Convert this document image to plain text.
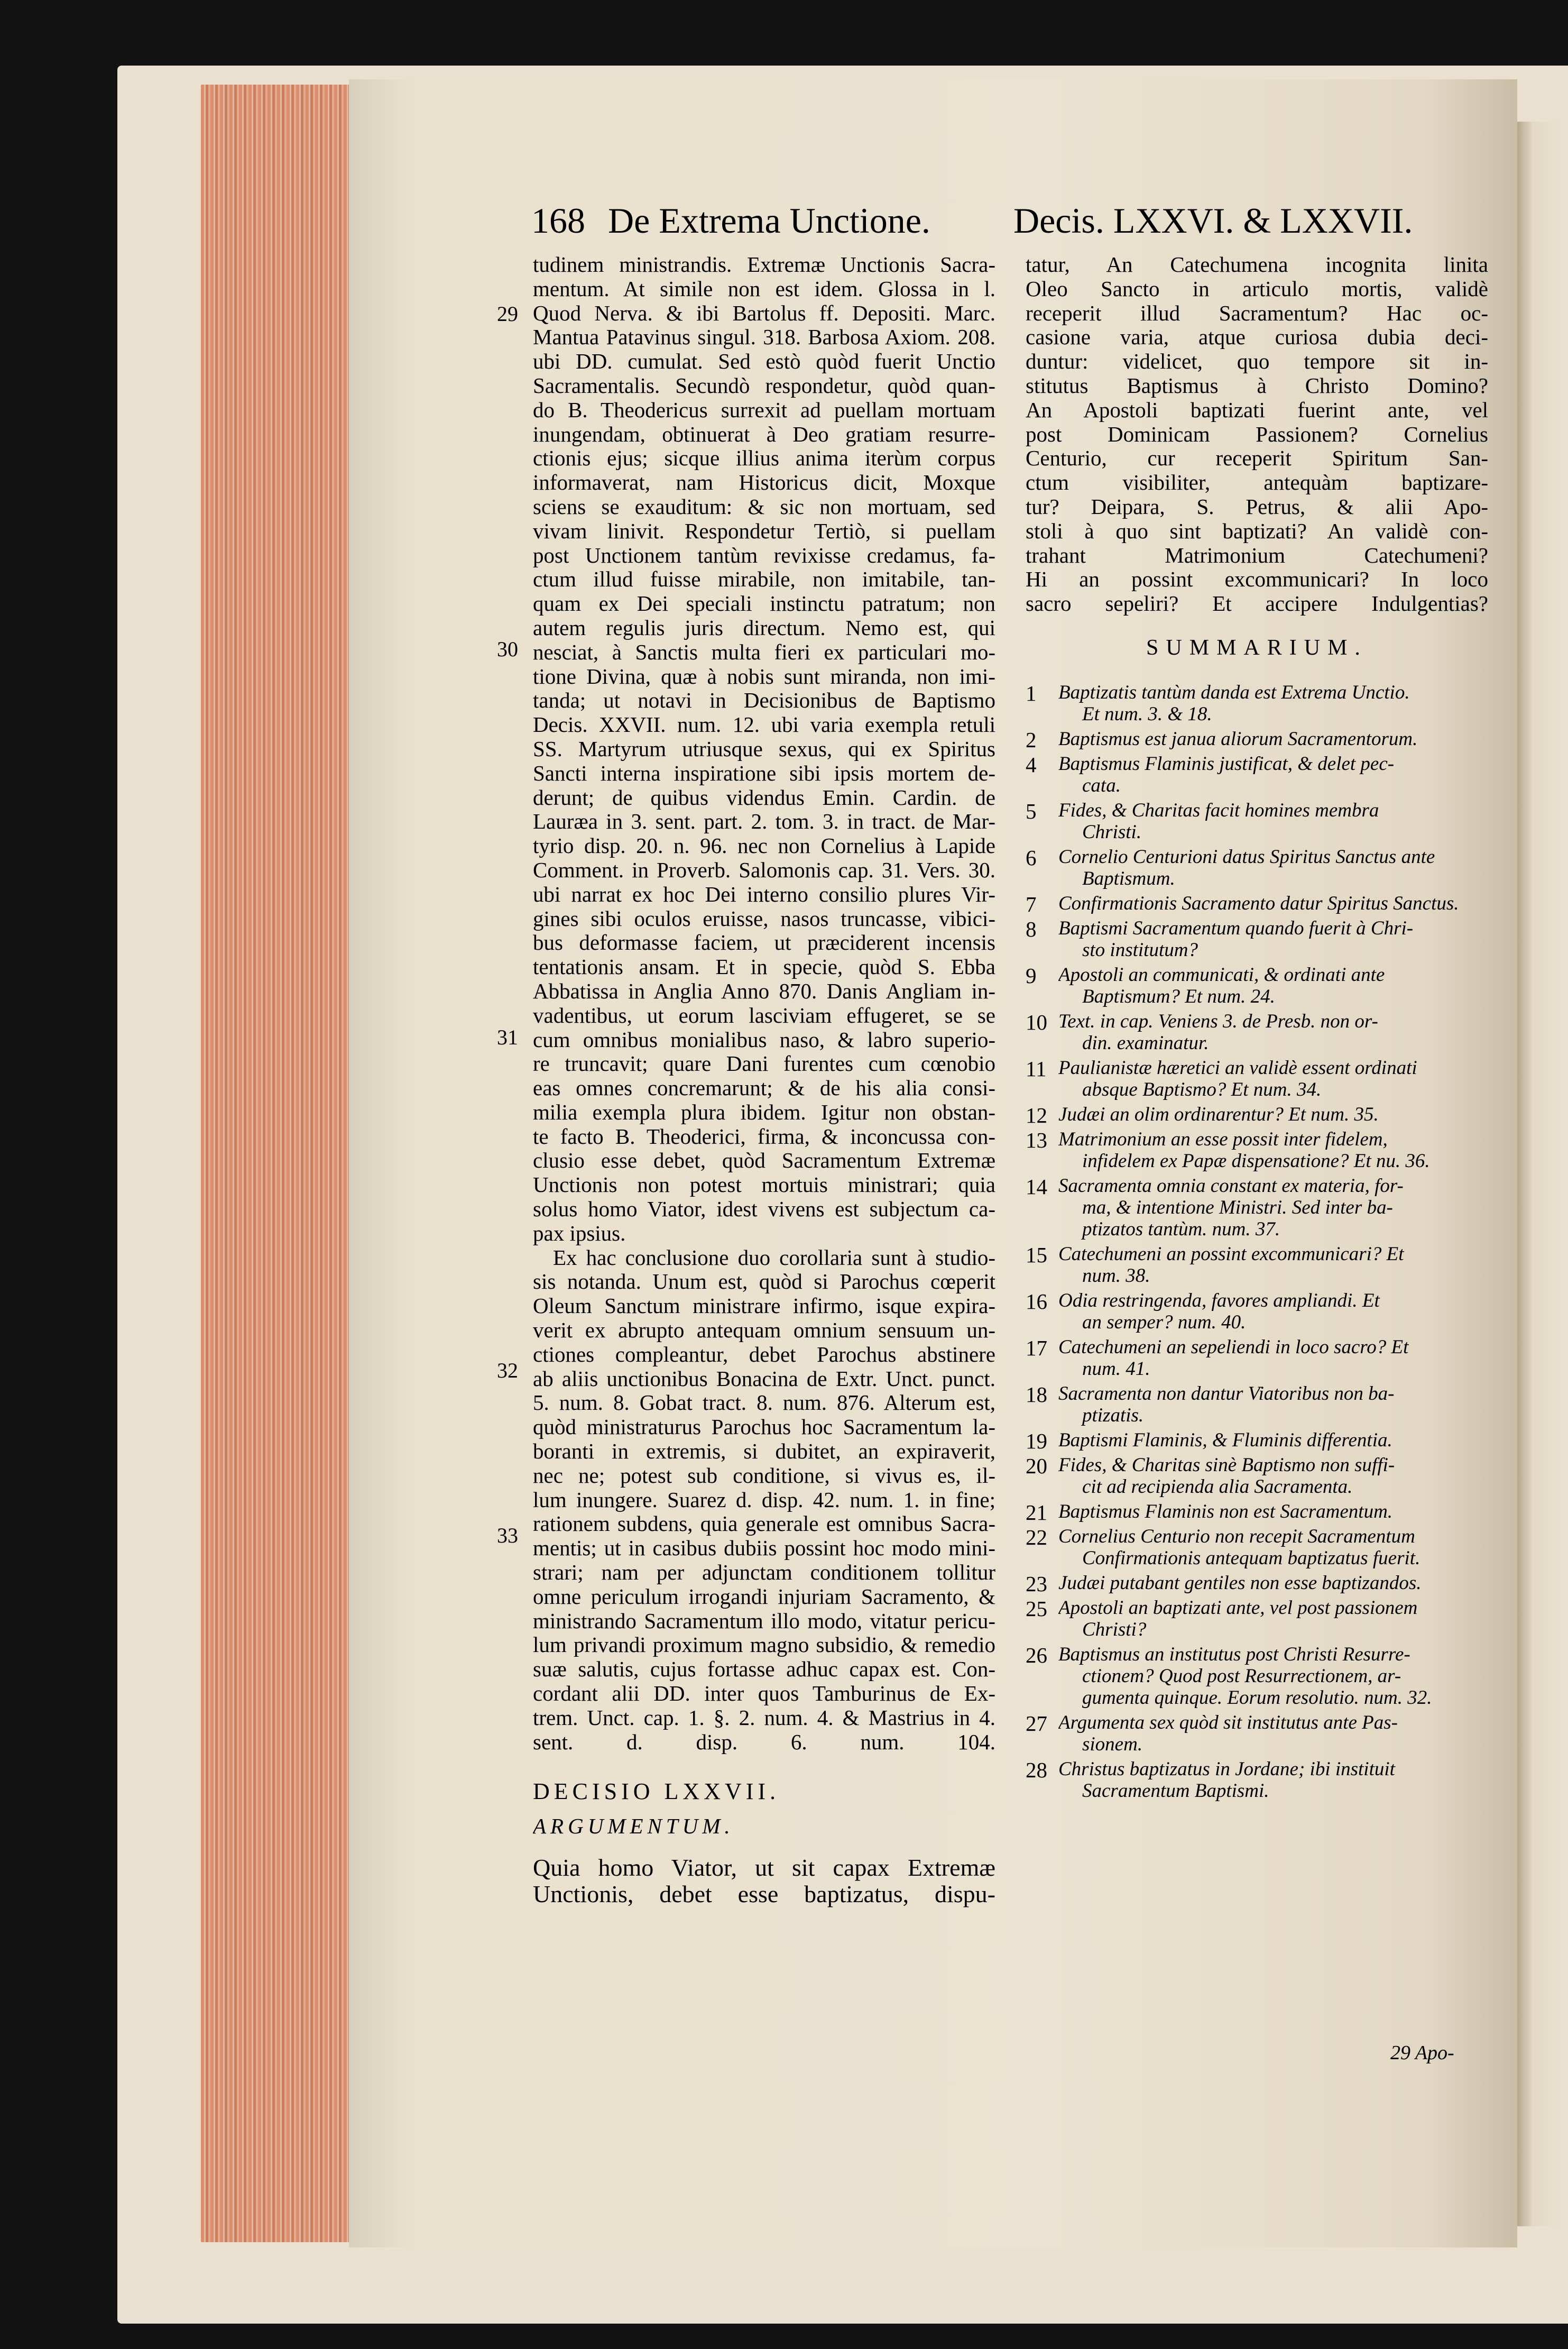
168 De Extrema Unctione. Decis. LXXVI. & LXXVII.
29
30
31
32
33
tudinem ministrandis. Extremæ Unctionis Sacra-
mentum. At simile non est idem. Glossa in l.
Quod Nerva. & ibi Bartolus ff. Depositi. Marc.
Mantua Patavinus singul. 318. Barbosa Axiom. 208.
ubi DD. cumulat. Sed estò quòd fuerit Unctio
Sacramentalis. Secundò respondetur, quòd quan-
do B. Theodericus surrexit ad puellam mortuam
inungendam, obtinuerat à Deo gratiam resurre-
ctionis ejus; sicque illius anima iterùm corpus
informaverat, nam Historicus dicit, Moxque
sciens se exauditum: & sic non mortuam, sed
vivam linivit. Respondetur Tertiò, si puellam
post Unctionem tantùm revixisse credamus, fa-
ctum illud fuisse mirabile, non imitabile, tan-
quam ex Dei speciali instinctu patratum; non
autem regulis juris directum. Nemo est, qui
nesciat, à Sanctis multa fieri ex particulari mo-
tione Divina, quæ à nobis sunt miranda, non imi-
tanda; ut notavi in Decisionibus de Baptismo
Decis. XXVII. num. 12. ubi varia exempla retuli
SS. Martyrum utriusque sexus, qui ex Spiritus
Sancti interna inspiratione sibi ipsis mortem de-
derunt; de quibus videndus Emin. Cardin. de
Lauræa in 3. sent. part. 2. tom. 3. in tract. de Mar-
tyrio disp. 20. n. 96. nec non Cornelius à Lapide
Comment. in Proverb. Salomonis cap. 31. Vers. 30.
ubi narrat ex hoc Dei interno consilio plures Vir-
gines sibi oculos eruisse, nasos truncasse, vibici-
bus deformasse faciem, ut præciderent incensis
tentationis ansam. Et in specie, quòd S. Ebba
Abbatissa in Anglia Anno 870. Danis Angliam in-
vadentibus, ut eorum lasciviam effugeret, se se
cum omnibus monialibus naso, & labro superio-
re truncavit; quare Dani furentes cum cœnobio
eas omnes concremarunt; & de his alia consi-
milia exempla plura ibidem. Igitur non obstan-
te facto B. Theoderici, firma, & inconcussa con-
clusio esse debet, quòd Sacramentum Extremæ
Unctionis non potest mortuis ministrari; quia
solus homo Viator, idest vivens est subjectum ca-
pax ipsius.
Ex hac conclusione duo corollaria sunt à studio-
sis notanda. Unum est, quòd si Parochus cœperit
Oleum Sanctum ministrare infirmo, isque expira-
verit ex abrupto antequam omnium sensuum un-
ctiones compleantur, debet Parochus abstinere
ab aliis unctionibus Bonacina de Extr. Unct. punct.
5. num. 8. Gobat tract. 8. num. 876. Alterum est,
quòd ministraturus Parochus hoc Sacramentum la-
boranti in extremis, si dubitet, an expiraverit,
nec ne; potest sub conditione, si vivus es, il-
lum inungere. Suarez d. disp. 42. num. 1. in fine;
rationem subdens, quia generale est omnibus Sacra-
mentis; ut in casibus dubiis possint hoc modo mini-
strari; nam per adjunctam conditionem tollitur
omne periculum irrogandi injuriam Sacramento, &
ministrando Sacramentum illo modo, vitatur pericu-
lum privandi proximum magno subsidio, & remedio
suæ salutis, cujus fortasse adhuc capax est. Con-
cordant alii DD. inter quos Tamburinus de Ex-
trem. Unct. cap. 1. §. 2. num. 4. & Mastrius in 4.
sent. d. disp. 6. num. 104.
DECISIO LXXVII.
ARGUMENTUM.
Quia homo Viator, ut sit capax Extremæ
Unctionis, debet esse baptizatus, dispu-
tatur, An Catechumena incognita linita
Oleo Sancto in articulo mortis, validè
receperit illud Sacramentum? Hac oc-
casione varia, atque curiosa dubia deci-
duntur: videlicet, quo tempore sit in-
stitutus Baptismus à Christo Domino?
An Apostoli baptizati fuerint ante, vel
post Dominicam Passionem? Cornelius
Centurio, cur receperit Spiritum San-
ctum visibiliter, antequàm baptizare-
tur? Deipara, S. Petrus, & alii Apo-
stoli à quo sint baptizati? An validè con-
trahant Matrimonium Catechumeni?
Hi an possint excommunicari? In loco
sacro sepeliri? Et accipere Indulgentias?
SUMMARIUM.
1 Baptizatis tantùm danda est Extrema Unctio.
Et num. 3. & 18.
2 Baptismus est janua aliorum Sacramentorum.
4 Baptismus Flaminis justificat, & delet pec-
cata.
5 Fides, & Charitas facit homines membra
Christi.
6 Cornelio Centurioni datus Spiritus Sanctus ante
Baptismum.
7 Confirmationis Sacramento datur Spiritus Sanctus.
8 Baptismi Sacramentum quando fuerit à Chri-
sto institutum?
9 Apostoli an communicati, & ordinati ante
Baptismum? Et num. 24.
10 Text. in cap. Veniens 3. de Presb. non or-
din. examinatur.
11 Paulianistæ hæretici an validè essent ordinati
absque Baptismo? Et num. 34.
12 Judæi an olim ordinarentur? Et num. 35.
13 Matrimonium an esse possit inter fidelem,
infidelem ex Papæ dispensatione? Et nu. 36.
14 Sacramenta omnia constant ex materia, for-
ma, & intentione Ministri. Sed inter ba-
ptizatos tantùm. num. 37.
15 Catechumeni an possint excommunicari? Et
num. 38.
16 Odia restringenda, favores ampliandi. Et
an semper? num. 40.
17 Catechumeni an sepeliendi in loco sacro? Et
num. 41.
18 Sacramenta non dantur Viatoribus non ba-
ptizatis.
19 Baptismi Flaminis, & Fluminis differentia.
20 Fides, & Charitas sinè Baptismo non suffi-
cit ad recipienda alia Sacramenta.
21 Baptismus Flaminis non est Sacramentum.
22 Cornelius Centurio non recepit Sacramentum
Confirmationis antequam baptizatus fuerit.
23 Judæi putabant gentiles non esse baptizandos.
25 Apostoli an baptizati ante, vel post passionem
Christi?
26 Baptismus an institutus post Christi Resurre-
ctionem? Quod post Resurrectionem, ar-
gumenta quinque. Eorum resolutio. num. 32.
27 Argumenta sex quòd sit institutus ante Pas-
sionem.
28 Christus baptizatus in Jordane; ibi instituit
Sacramentum Baptismi.
29 Apo-
